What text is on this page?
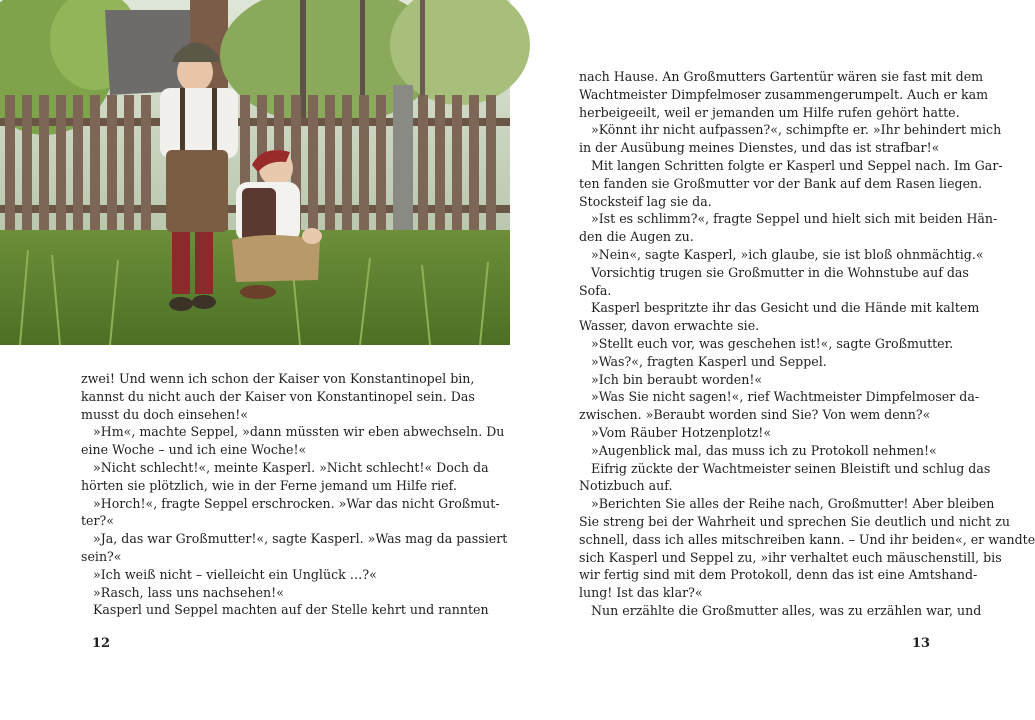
zwei! Und wenn ich schon der Kaiser von Konstantinopel bin,
kannst du nicht auch der Kaiser von Konstantinopel sein. Das
musst du doch einsehen!«
»Hm«, machte Seppel, »dann müssten wir eben abwechseln. Du
eine Woche – und ich eine Woche!«
»Nicht schlecht!«, meinte Kasperl. »Nicht schlecht!« Doch da
hörten sie plötzlich, wie in der Ferne jemand um Hilfe rief.
»Horch!«, fragte Seppel erschrocken. »War das nicht Großmut-
ter?«
»Ja, das war Großmutter!«, sagte Kasperl. »Was mag da passiert
sein?«
»Ich weiß nicht – vielleicht ein Unglück …?«
»Rasch, lass uns nachsehen!«
Kasperl und Seppel machten auf der Stelle kehrt und rannten
12
nach Hause. An Großmutters Gartentür wären sie fast mit dem
Wachtmeister Dimpfelmoser zusammengerumpelt. Auch er kam
herbeigeeilt, weil er jemanden um Hilfe rufen gehört hatte.
»Könnt ihr nicht aufpassen?«, schimpfte er. »Ihr behindert mich
in der Ausübung meines Dienstes, und das ist strafbar!«
Mit langen Schritten folgte er Kasperl und Seppel nach. Im Gar-
ten fanden sie Großmutter vor der Bank auf dem Rasen liegen.
Stocksteif lag sie da.
»Ist es schlimm?«, fragte Seppel und hielt sich mit beiden Hän-
den die Augen zu.
»Nein«, sagte Kasperl, »ich glaube, sie ist bloß ohnmächtig.«
Vorsichtig trugen sie Großmutter in die Wohnstube auf das
Sofa.
Kasperl bespritzte ihr das Gesicht und die Hände mit kaltem
Wasser, davon erwachte sie.
»Stellt euch vor, was geschehen ist!«, sagte Großmutter.
»Was?«, fragten Kasperl und Seppel.
»Ich bin beraubt worden!«
»Was Sie nicht sagen!«, rief Wachtmeister Dimpfelmoser da-
zwischen. »Beraubt worden sind Sie? Von wem denn?«
»Vom Räuber Hotzenplotz!«
»Augenblick mal, das muss ich zu Protokoll nehmen!«
Eifrig zückte der Wachtmeister seinen Bleistift und schlug das
Notizbuch auf.
»Berichten Sie alles der Reihe nach, Großmutter! Aber bleiben
Sie streng bei der Wahrheit und sprechen Sie deutlich und nicht zu
schnell, dass ich alles mitschreiben kann. – Und ihr beiden«, er wandte
sich Kasperl und Seppel zu, »ihr verhaltet euch mäuschenstill, bis
wir fertig sind mit dem Protokoll, denn das ist eine Amtshand-
lung! Ist das klar?«
Nun erzählte die Großmutter alles, was zu erzählen war, und
13
